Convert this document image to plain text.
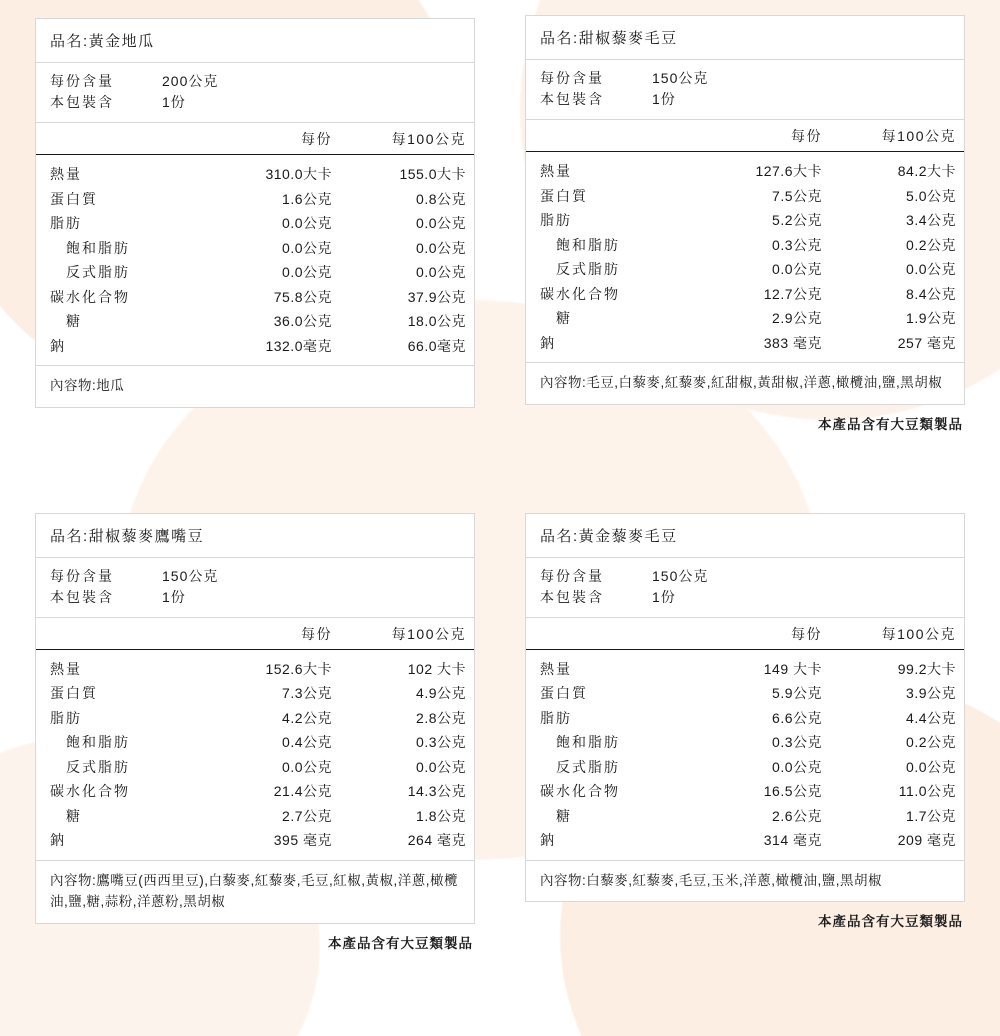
品名:黃金地瓜
每份含量	200公克
本包裝含	1份
每份	每100公克
熱量	310.0大卡	155.0大卡
蛋白質	1.6公克	0.8公克
脂肪	0.0公克	0.0公克
飽和脂肪	0.0公克	0.0公克
反式脂肪	0.0公克	0.0公克
碳水化合物	75.8公克	37.9公克
糖	36.0公克	18.0公克
鈉	132.0毫克	66.0毫克
內容物:地瓜
品名:甜椒藜麥毛豆
每份含量	150公克
本包裝含	1份
每份	每100公克
熱量	127.6大卡	84.2大卡
蛋白質	7.5公克	5.0公克
脂肪	5.2公克	3.4公克
飽和脂肪	0.3公克	0.2公克
反式脂肪	0.0公克	0.0公克
碳水化合物	12.7公克	8.4公克
糖	2.9公克	1.9公克
鈉	383 毫克	257 毫克
內容物:毛豆,白藜麥,紅藜麥,紅甜椒,黃甜椒,洋蔥,橄欖油,鹽,黑胡椒
本產品含有大豆類製品
品名:甜椒藜麥鷹嘴豆
每份含量	150公克
本包裝含	1份
每份	每100公克
熱量	152.6大卡	102 大卡
蛋白質	7.3公克	4.9公克
脂肪	4.2公克	2.8公克
飽和脂肪	0.4公克	0.3公克
反式脂肪	0.0公克	0.0公克
碳水化合物	21.4公克	14.3公克
糖	2.7公克	1.8公克
鈉	395 毫克	264 毫克
內容物:鷹嘴豆(西西里豆),白藜麥,紅藜麥,毛豆,紅椒,黃椒,洋蔥,橄欖油,鹽,糖,蒜粉,洋蔥粉,黑胡椒
本產品含有大豆類製品
品名:黃金藜麥毛豆
每份含量	150公克
本包裝含	1份
每份	每100公克
熱量	149 大卡	99.2大卡
蛋白質	5.9公克	3.9公克
脂肪	6.6公克	4.4公克
飽和脂肪	0.3公克	0.2公克
反式脂肪	0.0公克	0.0公克
碳水化合物	16.5公克	11.0公克
糖	2.6公克	1.7公克
鈉	314 毫克	209 毫克
內容物:白藜麥,紅藜麥,毛豆,玉米,洋蔥,橄欖油,鹽,黑胡椒
本產品含有大豆類製品
